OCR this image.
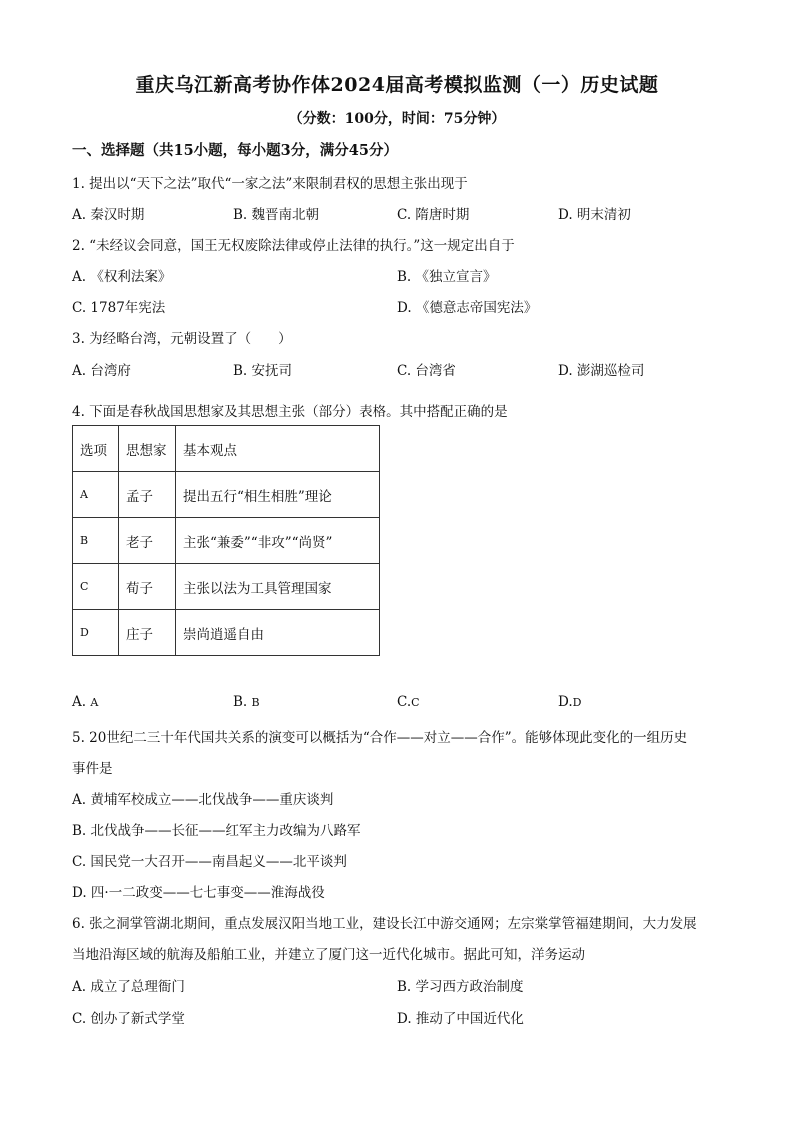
重庆乌江新高考协作体2024届高考模拟监测（一）历史试题
（分数：100分，时间：75分钟）
一、选择题（共15小题，每小题3分，满分45分）
1. 提出以“天下之法”取代“一家之法”来限制君权的思想主张出现于
A. 秦汉时期	B. 魏晋南北朝	C. 隋唐时期	D. 明末清初
2. “未经议会同意，国王无权废除法律或停止法律的执行。”这一规定出自于
A. 《权利法案》	B. 《独立宣言》
C. 1787年宪法	D. 《德意志帝国宪法》
3. 为经略台湾，元朝设置了（　　）
A. 台湾府	B. 安抚司	C. 台湾省	D. 澎湖巡检司
4. 下面是春秋战国思想家及其思想主张（部分）表格。其中搭配正确的是
选项	思想家	基本观点
A	孟子	提出五行“相生相胜”理论
B	老子	主张“兼委”“非攻”“尚贤”
C	荀子	主张以法为工具管理国家
D	庄子	崇尚逍遥自由
A. A	B. B	C.C	D.D
5. 20世纪二三十年代国共关系的演变可以概括为“合作——对立——合作”。能够体现此变化的一组历史
事件是
A. 黄埔军校成立——北伐战争——重庆谈判
B. 北伐战争——长征——红军主力改编为八路军
C. 国民党一大召开——南昌起义——北平谈判
D. 四·一二政变——七七事变——淮海战役
6. 张之洞掌管湖北期间，重点发展汉阳当地工业，建设长江中游交通网；左宗棠掌管福建期间，大力发展
当地沿海区域的航海及船舶工业，并建立了厦门这一近代化城市。据此可知，洋务运动
A. 成立了总理衙门	B. 学习西方政治制度
C. 创办了新式学堂	D. 推动了中国近代化
